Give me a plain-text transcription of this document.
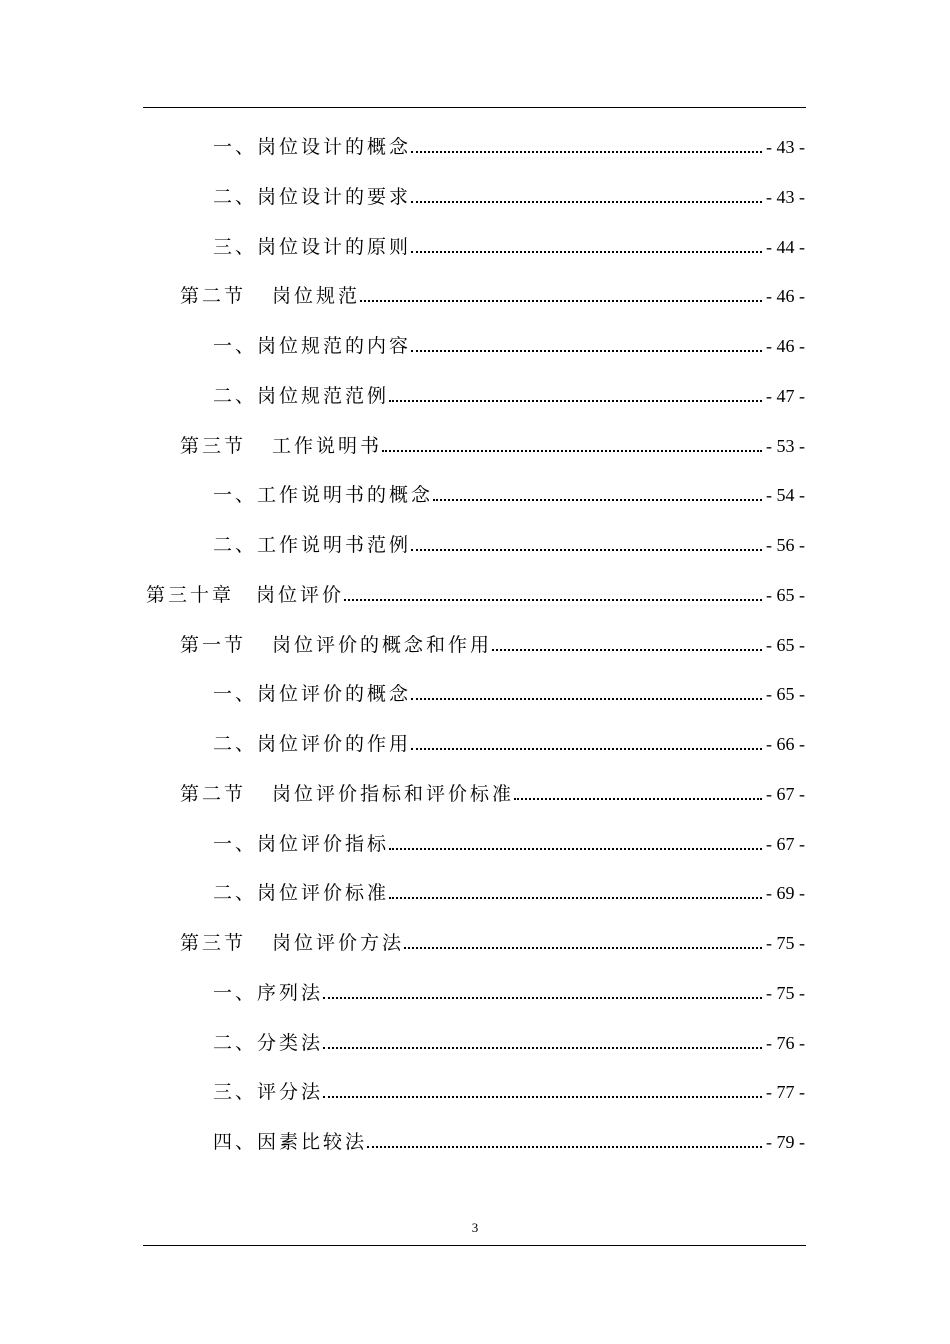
一、 岗位设计的概念	- 43 -
二、 岗位设计的要求	- 43 -
三、 岗位设计的原则	- 44 -
第二节 岗位规范	- 46 -
一、 岗位规范的内容	- 46 -
二、 岗位规范范例	- 47 -
第三节 工作说明书	- 53 -
一、 工作说明书的概念	- 54 -
二、 工作说明书范例	- 56 -
第三十章 岗位评价	- 65 -
第一节 岗位评价的概念和作用	- 65 -
一、 岗位评价的概念	- 65 -
二、 岗位评价的作用	- 66 -
第二节 岗位评价指标和评价标准	- 67 -
一、 岗位评价指标	- 67 -
二、 岗位评价标准	- 69 -
第三节 岗位评价方法	- 75 -
一、 序列法	- 75 -
二、 分类法	- 76 -
三、 评分法	- 77 -
四、 因素比较法	- 79 -
3
